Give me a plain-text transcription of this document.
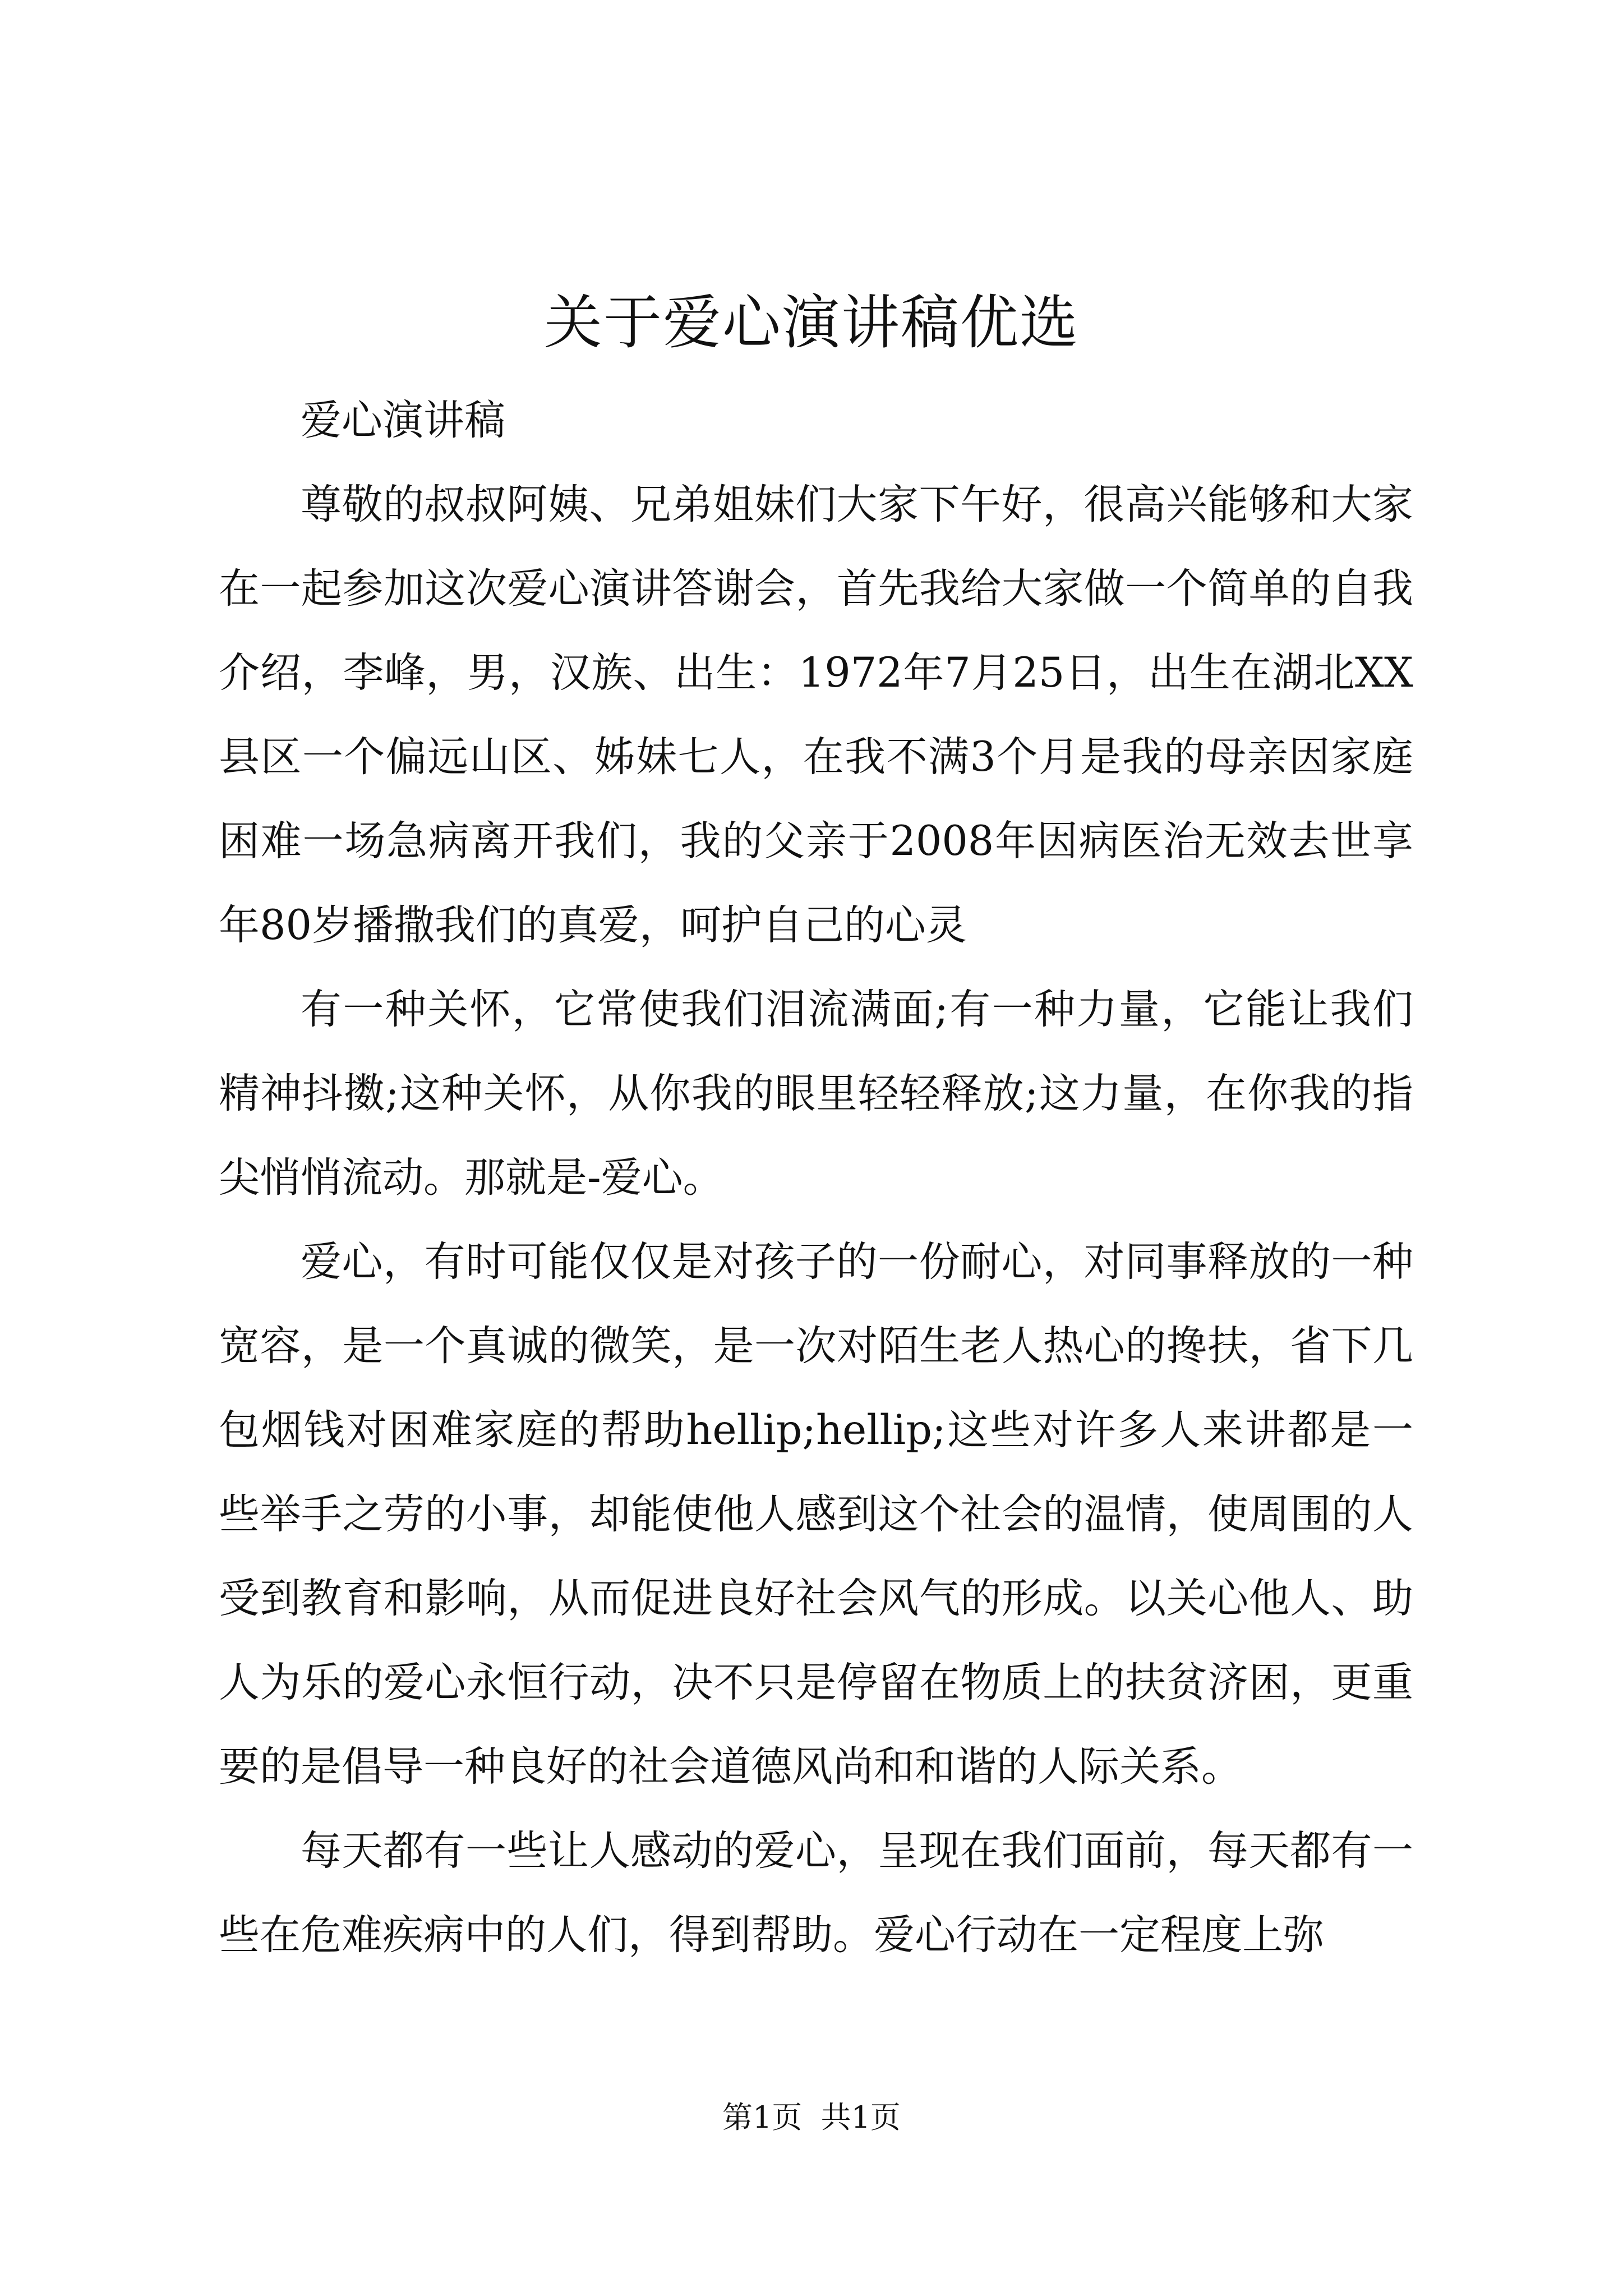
关于爱心演讲稿优选

爱心演讲稿

尊敬的叔叔阿姨、兄弟姐妹们大家下午好，很高兴能够和大家在一起参加这次爱心演讲答谢会，首先我给大家做一个简单的自我介绍，李峰，男，汉族、出生：1972年7月25日，出生在湖北XX县区一个偏远山区、姊妹七人，在我不满3个月是我的母亲因家庭困难一场急病离开我们，我的父亲于2008年因病医治无效去世享年80岁播撒我们的真爱，呵护自己的心灵

有一种关怀，它常使我们泪流满面;有一种力量，它能让我们精神抖擞;这种关怀，从你我的眼里轻轻释放;这力量，在你我的指尖悄悄流动。那就是-爱心。

爱心，有时可能仅仅是对孩子的一份耐心，对同事释放的一种宽容，是一个真诚的微笑，是一次对陌生老人热心的搀扶，省下几包烟钱对困难家庭的帮助hellip;hellip;这些对许多人来讲都是一些举手之劳的小事，却能使他人感到这个社会的温情，使周围的人受到教育和影响，从而促进良好社会风气的形成。以关心他人、助人为乐的爱心永恒行动，决不只是停留在物质上的扶贫济困，更重要的是倡导一种良好的社会道德风尚和和谐的人际关系。

每天都有一些让人感动的爱心，呈现在我们面前，每天都有一些在危难疾病中的人们，得到帮助。爱心行动在一定程度上弥

第1页 共1页
